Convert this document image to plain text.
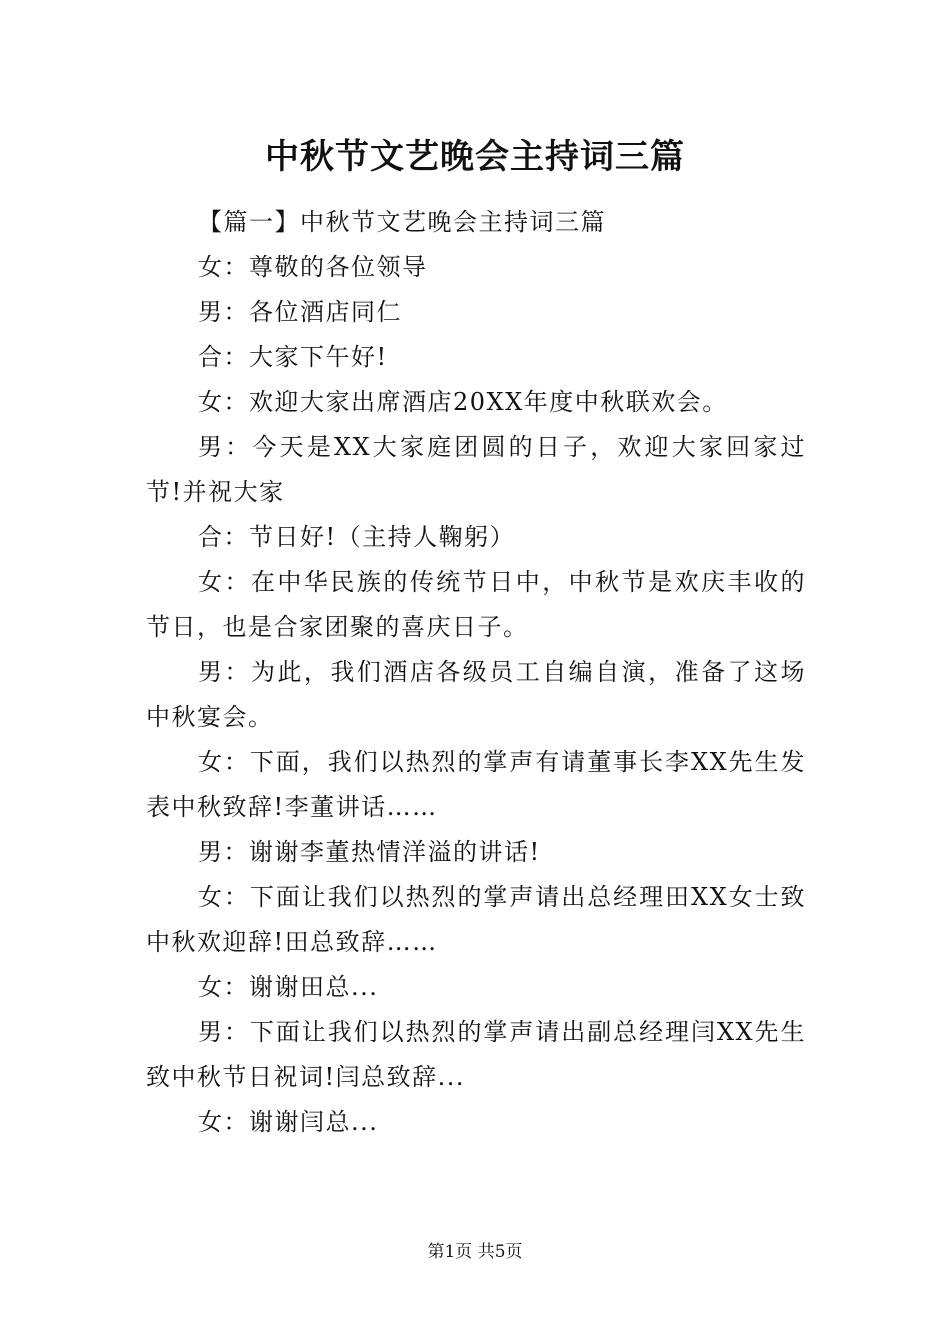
中秋节文艺晚会主持词三篇

【篇一】中秋节文艺晚会主持词三篇

女：尊敬的各位领导

男：各位酒店同仁

合：大家下午好!

女：欢迎大家出席酒店20XX年度中秋联欢会。

男：今天是XX大家庭团圆的日子，欢迎大家回家过节!并祝大家

合：节日好!（主持人鞠躬）

女：在中华民族的传统节日中，中秋节是欢庆丰收的节日，也是合家团聚的喜庆日子。

男：为此，我们酒店各级员工自编自演，准备了这场中秋宴会。

女：下面，我们以热烈的掌声有请董事长李XX先生发表中秋致辞!李董讲话……

男：谢谢李董热情洋溢的讲话!

女：下面让我们以热烈的掌声请出总经理田XX女士致中秋欢迎辞!田总致辞……

女：谢谢田总...

男：下面让我们以热烈的掌声请出副总经理闫XX先生致中秋节日祝词!闫总致辞...

女：谢谢闫总...

第1页 共5页
